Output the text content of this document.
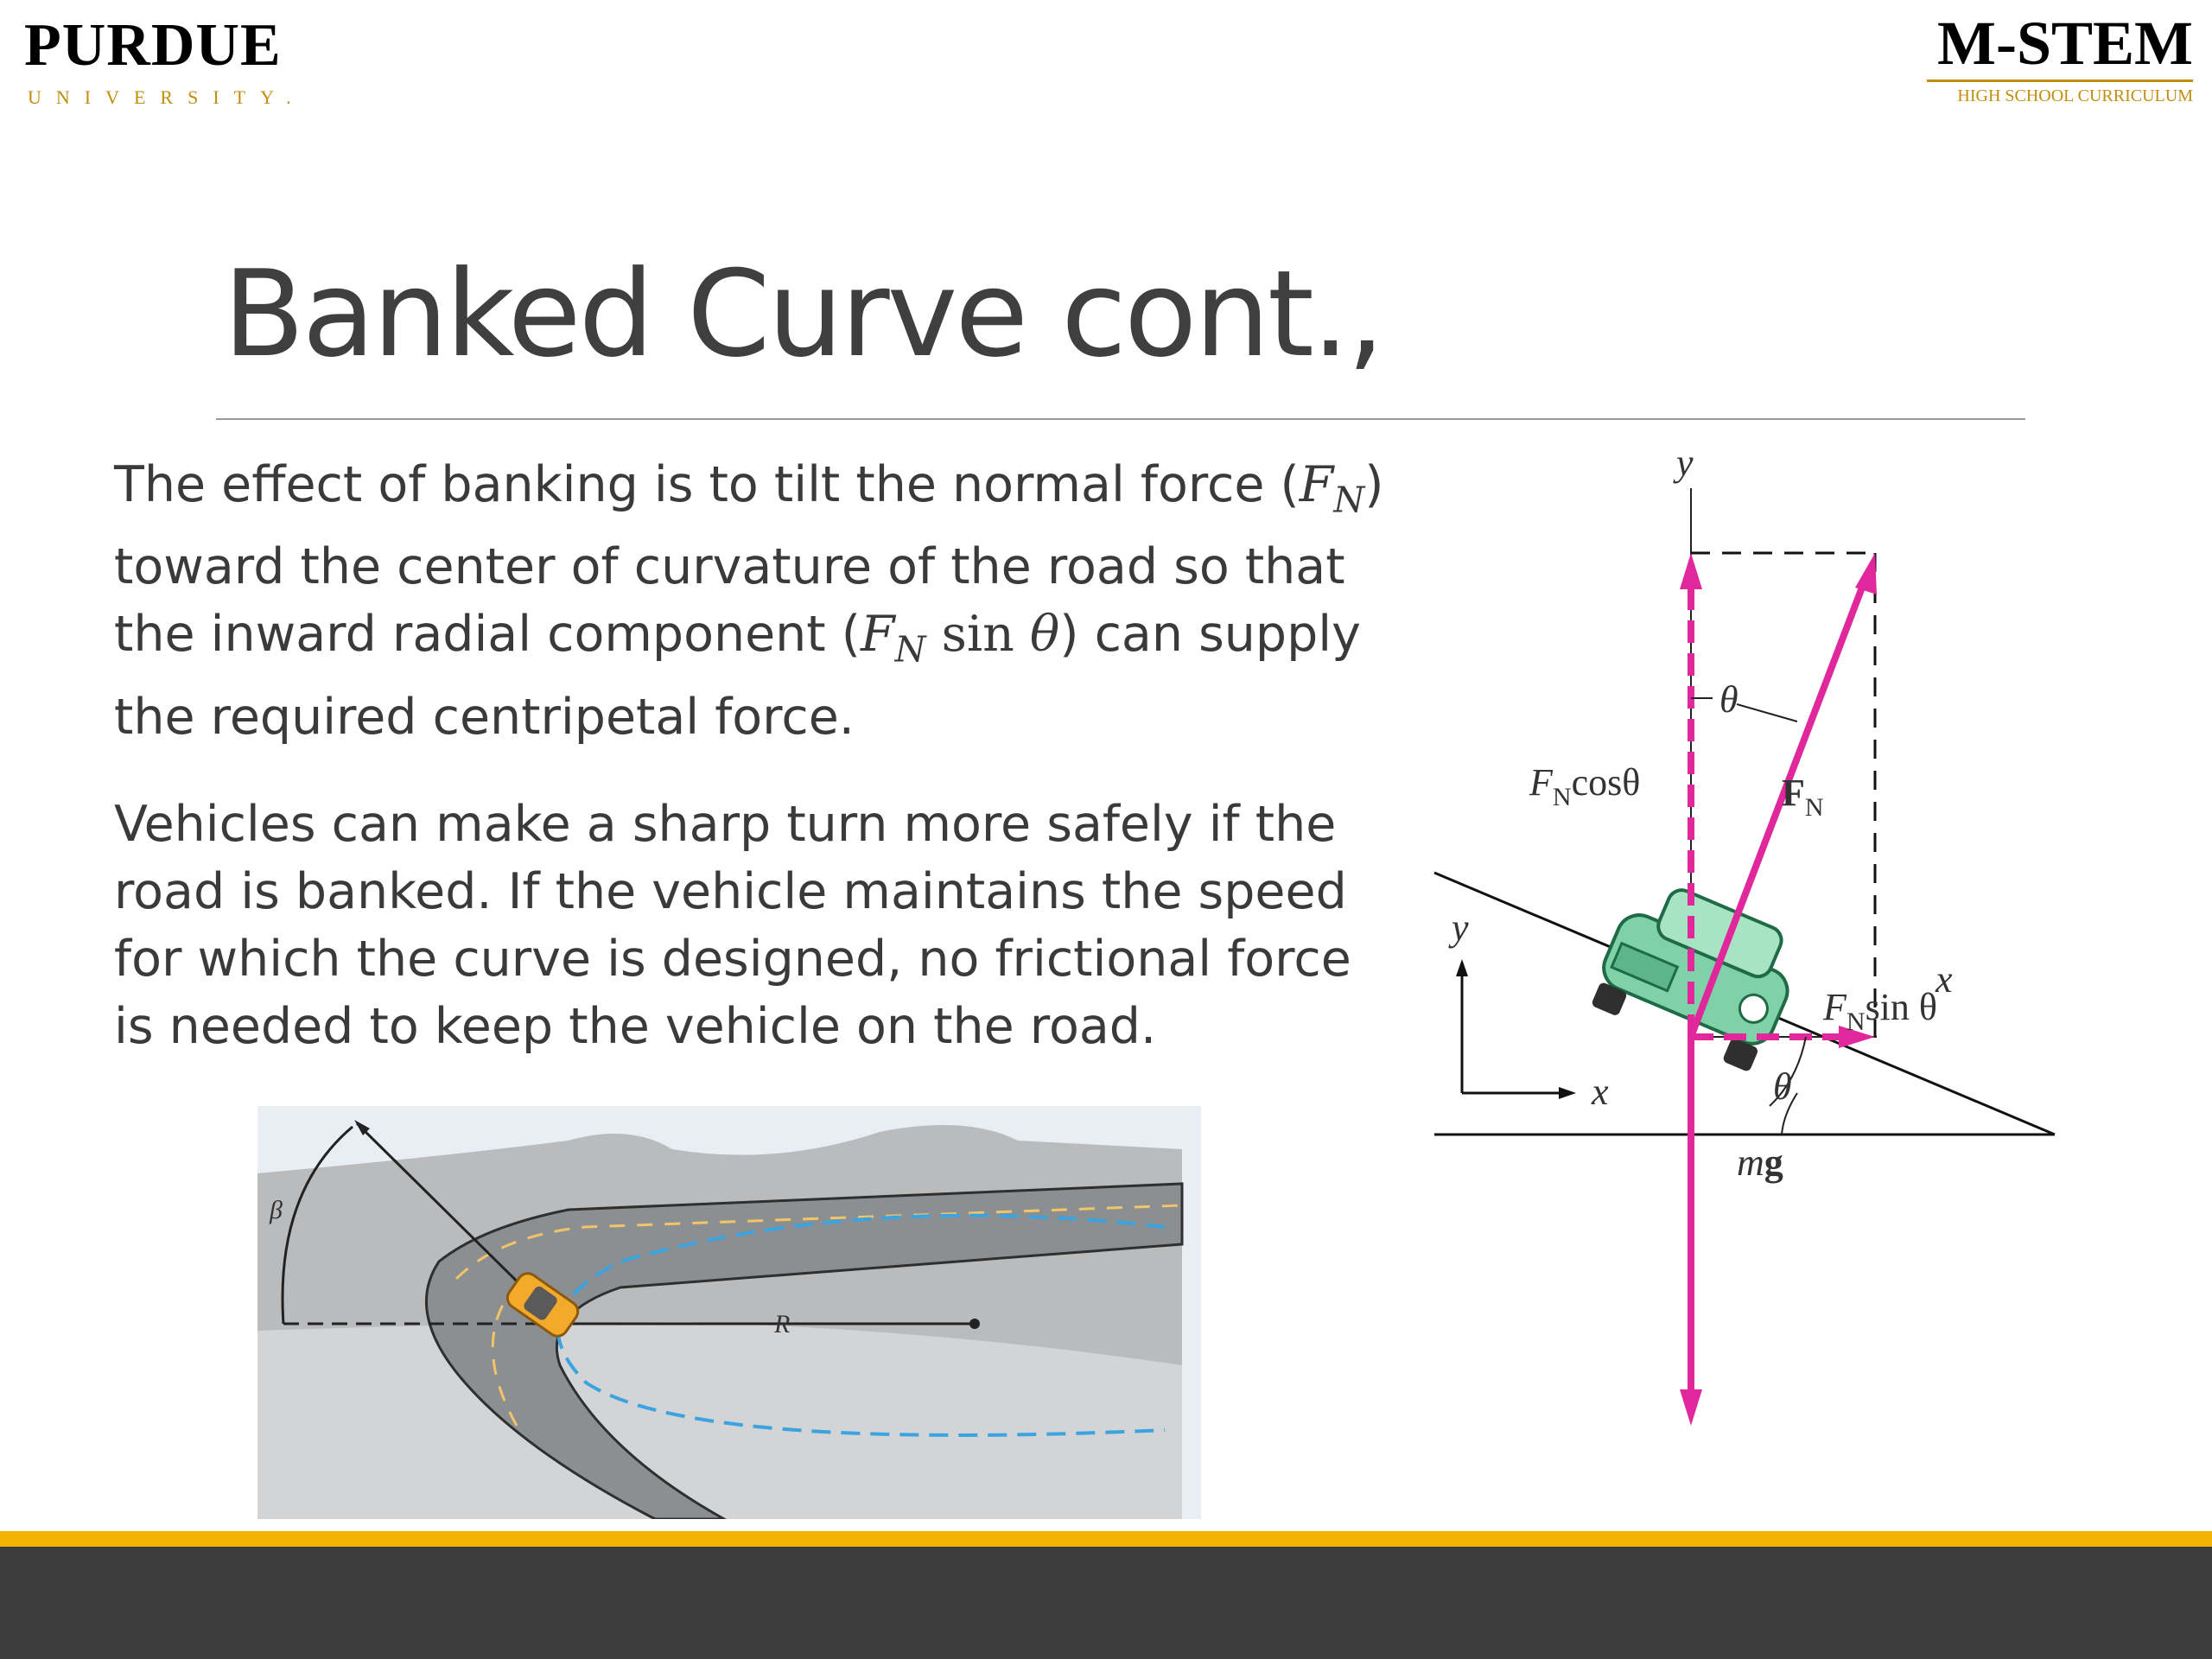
PURDUE
UNIVERSITY.
M-STEM
HIGH SCHOOL CURRICULUM
Banked Curve cont.,

The effect of banking is to tilt the normal force $(F_N)$ toward the center of curvature of the road so that the inward radial component ($F_N$ sin θ) can supply the required centripetal force.

Vehicles can make a sharp turn more safely if the road is banked. If the vehicle maintains the speed for which the curve is designed, no frictional force is needed to keep the vehicle on the road.

β
R
y
x
θ
$F_N\cos\theta$	$F_N$
$F_N\sin$ θ
y
x	θ
mg
